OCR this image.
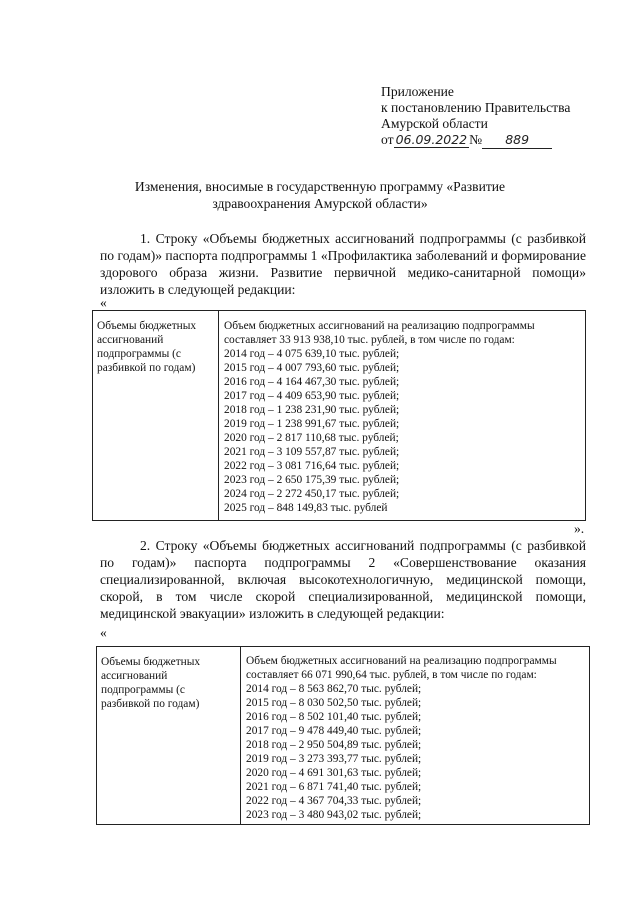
Приложение
к постановлению Правительства
Амурской области
от 06.09.2022 № 889
Изменения, вносимые в государственную программу «Развитие
здравоохранения Амурской области»
1. Строку «Объемы бюджетных ассигнований подпрограммы (с разбивкой по годам)» паспорта подпрограммы 1 «Профилактика заболеваний и формирование здорового образа жизни. Развитие первичной медико-санитарной помощи» изложить в следующей редакции:
«
Объемы бюджетных ассигнований подпрограммы (с разбивкой по годам)	
Объем бюджетных ассигнований на реализацию подпрограммы составляет 33 913 938,10 тыс. рублей, в том числе по годам:
2014 год – 4 075 639,10 тыс. рублей;
2015 год – 4 007 793,60 тыс. рублей;
2016 год – 4 164 467,30 тыс. рублей;
2017 год – 4 409 653,90 тыс. рублей;
2018 год – 1 238 231,90 тыс. рублей;
2019 год – 1 238 991,67 тыс. рублей;
2020 год – 2 817 110,68 тыс. рублей;
2021 год – 3 109 557,87 тыс. рублей;
2022 год – 3 081 716,64 тыс. рублей;
2023 год – 2 650 175,39 тыс. рублей;
2024 год – 2 272 450,17 тыс. рублей;
2025 год – 848 149,83 тыс. рублей
».
2. Строку «Объемы бюджетных ассигнований подпрограммы (с разбивкой по годам)» паспорта подпрограммы 2 «Совершенствование оказания специализированной, включая высокотехнологичную, медицинской помощи, скорой, в том числе скорой специализированной, медицинской помощи, медицинской эвакуации» изложить в следующей редакции:
«
Объемы бюджетных ассигнований подпрограммы (с разбивкой по годам)	
Объем бюджетных ассигнований на реализацию подпрограммы составляет 66 071 990,64 тыс. рублей, в том числе по годам:
2014 год – 8 563 862,70 тыс. рублей;
2015 год – 8 030 502,50 тыс. рублей;
2016 год – 8 502 101,40 тыс. рублей;
2017 год – 9 478 449,40 тыс. рублей;
2018 год – 2 950 504,89 тыс. рублей;
2019 год – 3 273 393,77 тыс. рублей;
2020 год – 4 691 301,63 тыс. рублей;
2021 год – 6 871 741,40 тыс. рублей;
2022 год – 4 367 704,33 тыс. рублей;
2023 год – 3 480 943,02 тыс. рублей;
